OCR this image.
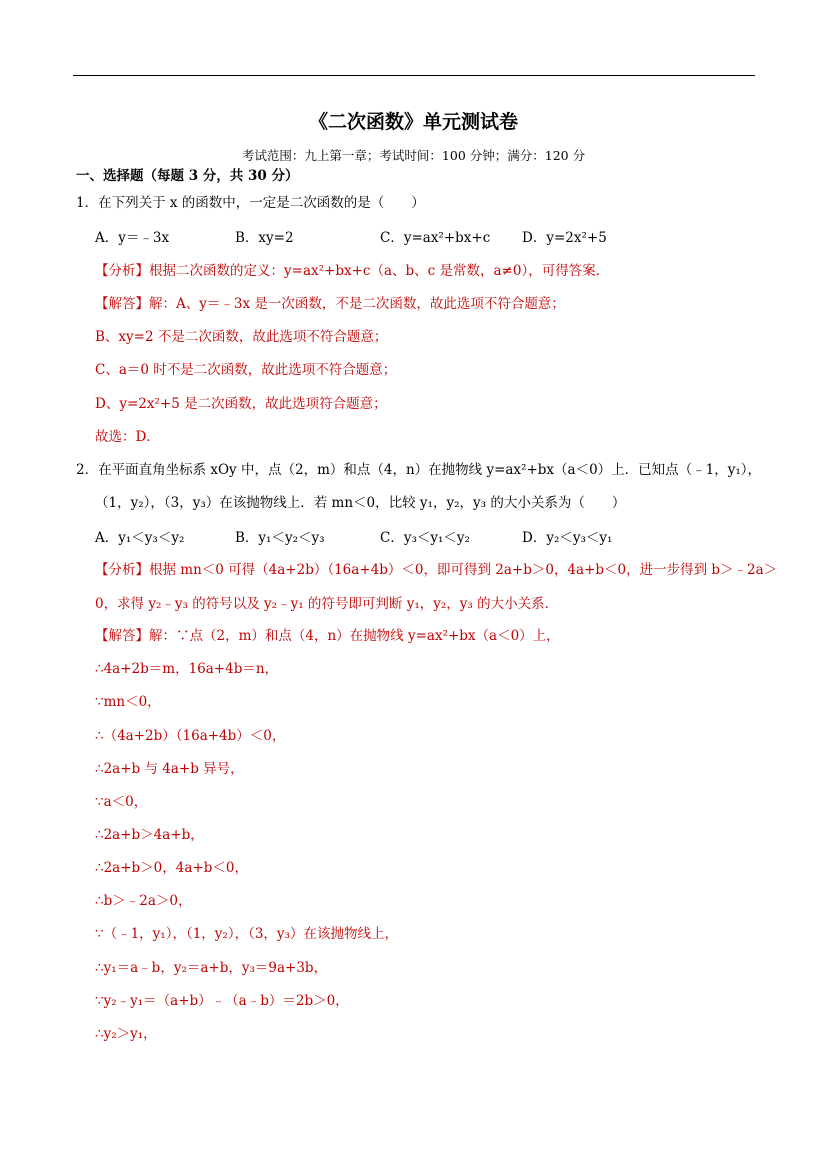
《二次函数》单元测试卷
考试范围：九上第一章；考试时间：100 分钟；满分：120 分
一、选择题（每题 3 分，共 30 分）
1．在下列关于 x 的函数中，一定是二次函数的是（　　）
A．y＝﹣3x	B．xy=2	C．y=ax²+bx+c D．y=2x²+5
【分析】根据二次函数的定义：y=ax²+bx+c（a、b、c 是常数，a≠0），可得答案．
【解答】解：A、y＝﹣3x 是一次函数，不是二次函数，故此选项不符合题意；
B、xy=2 不是二次函数，故此选项不符合题意；
C、a＝0 时不是二次函数，故此选项不符合题意；
D、y=2x²+5 是二次函数，故此选项符合题意；
故选：D．
2．在平面直角坐标系 xOy 中，点（2，m）和点（4，n）在抛物线 y=ax²+bx（a＜0）上．已知点（﹣1，y₁），
（1，y₂），（3，y₃）在该抛物线上．若 mn＜0，比较 y₁，y₂，y₃ 的大小关系为（　　）
A．y₁＜y₃＜y₂	B．y₁＜y₂＜y₃	C．y₃＜y₁＜y₂	D．y₂＜y₃＜y₁
【分析】根据 mn＜0 可得（4a+2b）（16a+4b）＜0，即可得到 2a+b＞0，4a+b＜0，进一步得到 b＞﹣2a＞
0，求得 y₂﹣y₃ 的符号以及 y₂﹣y₁ 的符号即可判断 y₁，y₂，y₃ 的大小关系．
【解答】解：∵点（2，m）和点（4，n）在抛物线 y=ax²+bx（a＜0）上，
∴4a+2b＝m，16a+4b＝n，
∵mn＜0，
∴（4a+2b）（16a+4b）＜0，
∴2a+b 与 4a+b 异号，
∵a＜0，
∴2a+b＞4a+b，
∴2a+b＞0，4a+b＜0，
∴b＞﹣2a＞0，
∵（﹣1，y₁），（1，y₂），（3，y₃）在该抛物线上，
∴y₁＝a﹣b，y₂＝a+b，y₃＝9a+3b，
∵y₂﹣y₁＝（a+b）﹣（a﹣b）＝2b＞0，
∴y₂＞y₁，
